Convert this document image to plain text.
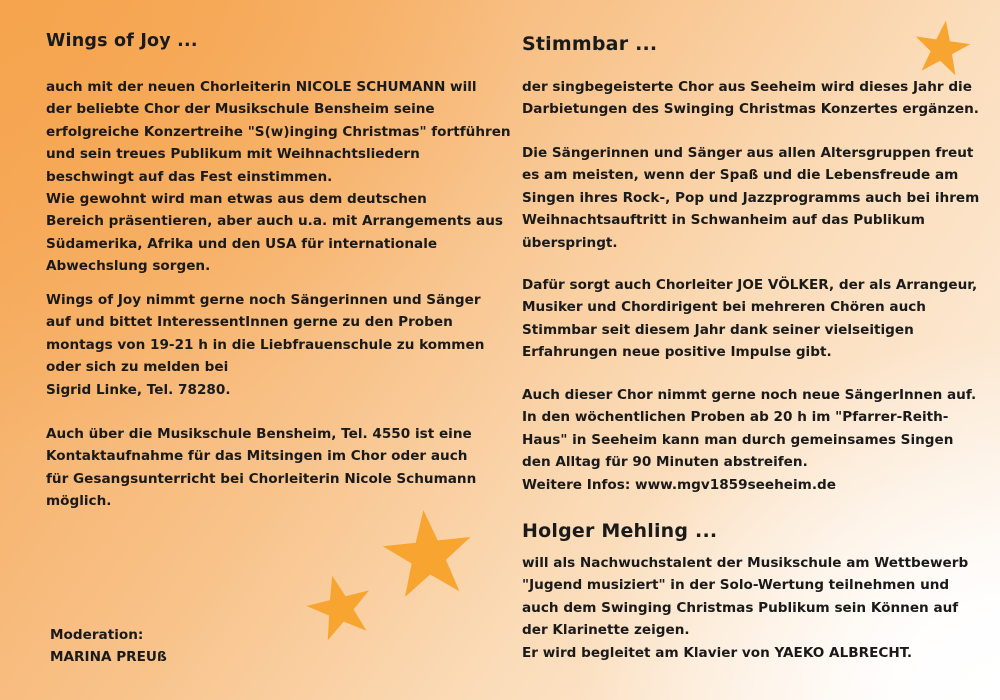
Wings of Joy ...

auch mit der neuen Chorleiterin NICOLE SCHUMANN will
der beliebte Chor der Musikschule Bensheim seine
erfolgreiche Konzertreihe "S(w)inging Christmas" fortführen
und sein treues Publikum mit Weihnachtsliedern
beschwingt auf das Fest einstimmen.
Wie gewohnt wird man etwas aus dem deutschen
Bereich präsentieren, aber auch u.a. mit Arrangements aus
Südamerika, Afrika und den USA für internationale
Abwechslung sorgen.

Wings of Joy nimmt gerne noch Sängerinnen und Sänger
auf und bittet InteressentInnen gerne zu den Proben
montags von 19-21 h in die Liebfrauenschule zu kommen
oder sich zu melden bei
Sigrid Linke, Tel. 78280.

Auch über die Musikschule Bensheim, Tel. 4550 ist eine
Kontaktaufnahme für das Mitsingen im Chor oder auch
für Gesangsunterricht bei Chorleiterin Nicole Schumann
möglich.

Moderation:
MARINA PREUß

Stimmbar ...

der singbegeisterte Chor aus Seeheim wird dieses Jahr die
Darbietungen des Swinging Christmas Konzertes ergänzen.

Die Sängerinnen und Sänger aus allen Altersgruppen freut
es am meisten, wenn der Spaß und die Lebensfreude am
Singen ihres Rock-, Pop und Jazzprogramms auch bei ihrem
Weihnachtsauftritt in Schwanheim auf das Publikum
überspringt.

Dafür sorgt auch Chorleiter JOE VÖLKER, der als Arrangeur,
Musiker und Chordirigent bei mehreren Chören auch
Stimmbar seit diesem Jahr dank seiner vielseitigen
Erfahrungen neue positive Impulse gibt.

Auch dieser Chor nimmt gerne noch neue SängerInnen auf.
In den wöchentlichen Proben ab 20 h im "Pfarrer-Reith-
Haus" in Seeheim kann man durch gemeinsames Singen
den Alltag für 90 Minuten abstreifen.
Weitere Infos: www.mgv1859seeheim.de

Holger Mehling ...

will als Nachwuchstalent der Musikschule am Wettbewerb
"Jugend musiziert" in der Solo-Wertung teilnehmen und
auch dem Swinging Christmas Publikum sein Können auf
der Klarinette zeigen.
Er wird begleitet am Klavier von YAEKO ALBRECHT.
